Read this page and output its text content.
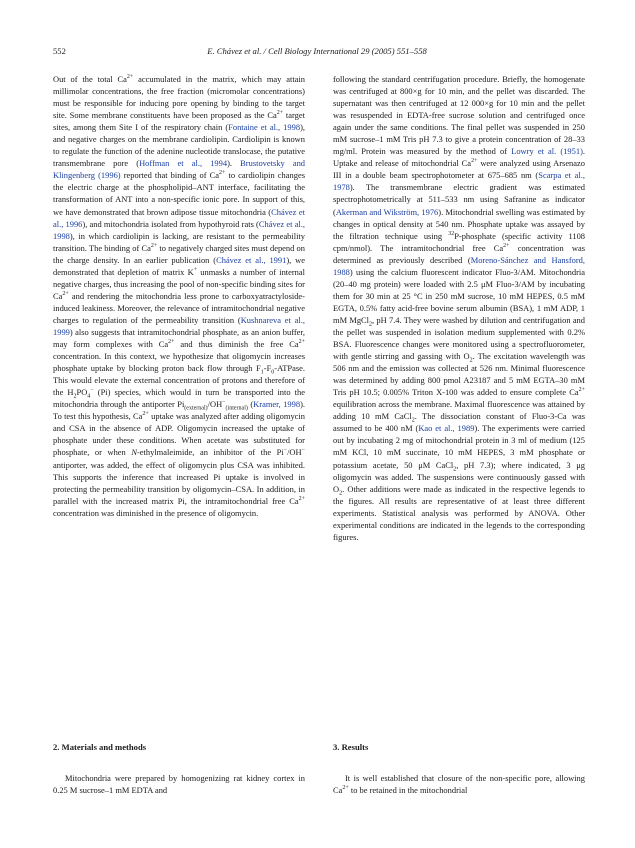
552	E. Chávez et al. / Cell Biology International 29 (2005) 551–558

Out of the total $Ca^{2+}$ accumulated in the matrix, which may attain millimolar concentrations, the free fraction (micromolar concentrations) must be responsible for inducing pore opening by binding to the target site. Some membrane constituents have been proposed as the $Ca^{2+}$ target sites, among them Site I of the respiratory chain (Fontaine et al., 1998), and negative charges on the membrane cardiolipin. Cardiolipin is known to regulate the function of the adenine nucleotide translocase, the putative transmembrane pore (Hoffman et al., 1994). Brustovetsky and Klingenberg (1996) reported that binding of $Ca^{2+}$ to cardiolipin changes the electric charge at the phospholipid–ANT interface, facilitating the transformation of ANT into a non-specific ionic pore. In support of this, we have demonstrated that brown adipose tissue mitochondria (Chávez et al., 1996), and mitochondria isolated from hypothyroid rats (Chávez et al., 1998), in which cardiolipin is lacking, are resistant to the permeability transition. The binding of $Ca^{2+}$ to negatively charged sites must depend on the charge density. In an earlier publication (Chávez et al., 1991), we demonstrated that depletion of matrix K+ unmasks a number of internal negative charges, thus increasing the pool of non-specific binding sites for $Ca^{2+}$ and rendering the mitochondria less prone to carboxyatractyloside-induced leakiness. Moreover, the relevance of intramitochondrial negative charges to regulation of the permeability transition (Kushnareva et al., 1999) also suggests that intramitochondrial phosphate, as an anion buffer, may form complexes with $Ca^{2+}$ and thus diminish the free $Ca^{2+}$ concentration. In this context, we hypothesize that oligomycin increases phosphate uptake by blocking proton back flow through $F_1-F_0$-ATPase. This would elevate the external concentration of protons and therefore of the $H_2PO_4^-$ (Pi) species, which would in turn be transported into the mitochondria through the antiporter $Pi_{(external)}/OH^-_{(internal)}$ (Kramer, 1998). To test this hypothesis, $Ca^{2+}$ uptake was analyzed after adding oligomycin and CSA in the absence of ADP. Oligomycin increased the uptake of phosphate under these conditions. When acetate was substituted for phosphate, or when N-ethylmaleimide, an inhibitor of the Pi−/OH− antiporter, was added, the effect of oligomycin plus CSA was inhibited. This supports the inference that increased Pi uptake is involved in protecting the permeability transition by oligomycin–CSA. In addition, in parallel with the increased matrix Pi, the intramitochondrial free $Ca^{2+}$ concentration was diminished in the presence of oligomycin.

following the standard centrifugation procedure. Briefly, the homogenate was centrifuged at 800×g for 10 min, and the pellet was discarded. The supernatant was then centrifuged at 12 000×g for 10 min and the pellet was resuspended in EDTA-free sucrose solution and centrifuged once again under the same conditions. The final pellet was suspended in 250 mM sucrose–1 mM Tris pH 7.3 to give a protein concentration of 28–33 mg/ml. Protein was measured by the method of Lowry et al. (1951). Uptake and release of mitochondrial $Ca^{2+}$ were analyzed using Arsenazo III in a double beam spectrophotometer at 675–685 nm (Scarpa et al., 1978). The transmembrane electric gradient was estimated spectrophotometrically at 511–533 nm using Safranine as indicator (Akerman and Wikström, 1976). Mitochondrial swelling was estimated by changes in optical density at 540 nm. Phosphate uptake was assayed by the filtration technique using $^{32}$P-phosphate (specific activity 1108 cpm/nmol). The intramitochondrial free $Ca^{2+}$ concentration was determined as previously described (Moreno-Sánchez and Hansford, 1988) using the calcium fluorescent indicator Fluo-3/AM. Mitochondria (20–40 mg protein) were loaded with 2.5 μM Fluo-3/AM by incubating them for 30 min at 25 °C in 250 mM sucrose, 10 mM HEPES, 0.5 mM EGTA, 0.5% fatty acid-free bovine serum albumin (BSA), 1 mM ADP, 1 mM MgCl$_2$, pH 7.4. They were washed by dilution and centrifugation and the pellet was suspended in isolation medium supplemented with 0.2% BSA. Fluorescence changes were monitored using a spectrofluorometer, with gentle stirring and gassing with $O_2$. The excitation wavelength was 506 nm and the emission was collected at 526 nm. Minimal fluorescence was determined by adding 800 pmol A23187 and 5 mM EGTA–30 mM Tris pH 10.5; 0.005% Triton X-100 was added to ensure complete $Ca^{2+}$ equilibration across the membrane. Maximal fluorescence was attained by adding 10 mM CaCl$_2$. The dissociation constant of Fluo-3-Ca was assumed to be 400 nM (Kao et al., 1989). The experiments were carried out by incubating 2 mg of mitochondrial protein in 3 ml of medium (125 mM KCl, 10 mM succinate, 10 mM HEPES, 3 mM phosphate or potassium acetate, 50 μM CaCl$_2$, pH 7.3); where indicated, 3 μg oligomycin was added. The suspensions were continuously gassed with $O_2$. Other additions were made as indicated in the respective legends to the figures. All results are representative of at least three different experiments. Statistical analysis was performed by ANOVA. Other experimental conditions are indicated in the legends to the corresponding figures.

2. Materials and methods	3. Results

Mitochondria were prepared by homogenizing rat kidney cortex in 0.25 M sucrose–1 mM EDTA and

It is well established that closure of the non-specific pore, allowing $Ca^{2+}$ to be retained in the mitochondrial
